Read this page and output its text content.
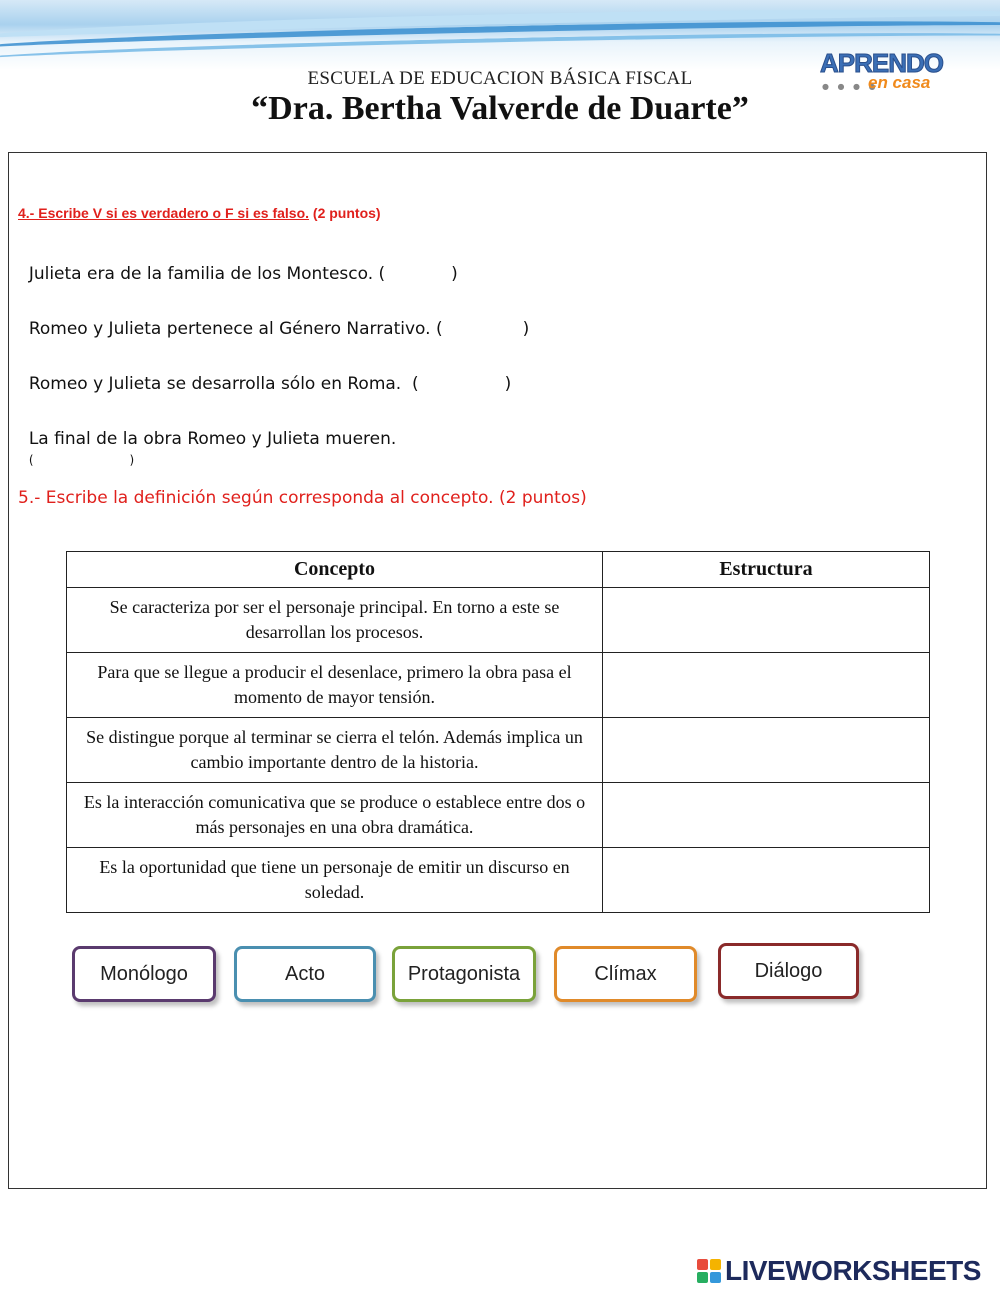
ESCUELA DE EDUCACION BÁSICA FISCAL
“Dra. Bertha Valverde de Duarte”
APRENDO
● ● ● ●
en casa
4.- Escribe V si es verdadero o F si es falso. (2 puntos)

Julieta era de la familia de los Montesco. (	)

Romeo y Julieta pertenece al Género Narrativo. (	)

Romeo y Julieta se desarrolla sólo en Roma.  (	)

La final de la obra Romeo y Julieta mueren.
(	)

5.- Escribe la definición según corresponda al concepto. (2 puntos)
Concepto	Estructura
Se caracteriza por ser el personaje principal. En torno a este se desarrollan los procesos.	
Para que se llegue a producir el desenlace, primero la obra pasa el momento de mayor tensión.	
Se distingue porque al terminar se cierra el telón. Además implica un cambio importante dentro de la historia.	
Es la interacción comunicativa que se produce o establece entre dos o más personajes en una obra dramática.	
Es la oportunidad que tiene un personaje de emitir un discurso en soledad.	
Monólogo	Acto	Protagonista	Clímax	Diálogo
LIVEWORKSHEETS
